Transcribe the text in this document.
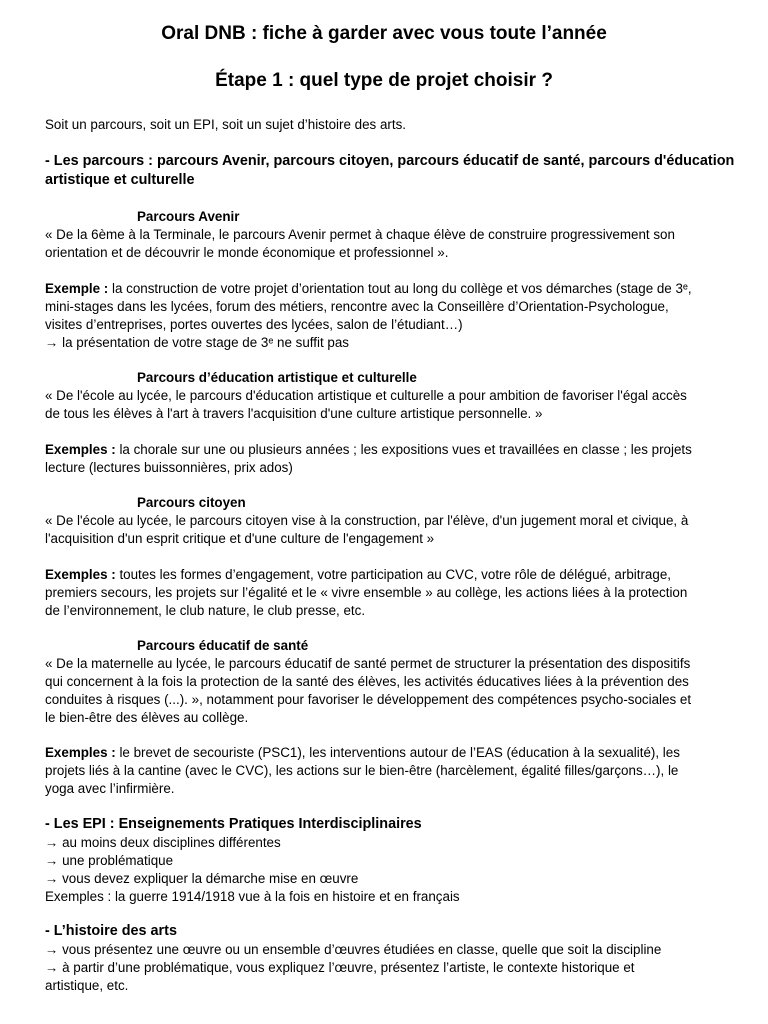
Oral DNB : fiche à garder avec vous toute l’année
Étape 1 : quel type de projet choisir ?
Soit un parcours, soit un EPI, soit un sujet d’histoire des arts.
- Les parcours : parcours Avenir, parcours citoyen, parcours éducatif de santé, parcours d'éducation
artistique et culturelle
Parcours Avenir
« De la 6ème à la Terminale, le parcours Avenir permet à chaque élève de construire progressivement son
orientation et de découvrir le monde économique et professionnel ».
Exemple : la construction de votre projet d’orientation tout au long du collège et vos démarches (stage de 3ᵉ,
mini-stages dans les lycées, forum des métiers, rencontre avec la Conseillère d’Orientation-Psychologue,
visites d’entreprises, portes ouvertes des lycées, salon de l’étudiant…)
→ la présentation de votre stage de 3ᵉ ne suffit pas
Parcours d’éducation artistique et culturelle
« De l'école au lycée, le parcours d'éducation artistique et culturelle a pour ambition de favoriser l'égal accès
de tous les élèves à l'art à travers l'acquisition d'une culture artistique personnelle. »
Exemples : la chorale sur une ou plusieurs années ; les expositions vues et travaillées en classe ; les projets
lecture (lectures buissonnières, prix ados)
Parcours citoyen
« De l'école au lycée, le parcours citoyen vise à la construction, par l'élève, d'un jugement moral et civique, à
l'acquisition d'un esprit critique et d'une culture de l'engagement »
Exemples : toutes les formes d’engagement, votre participation au CVC, votre rôle de délégué, arbitrage,
premiers secours, les projets sur l’égalité et le « vivre ensemble » au collège, les actions liées à la protection
de l’environnement, le club nature, le club presse, etc.
Parcours éducatif de santé
« De la maternelle au lycée, le parcours éducatif de santé permet de structurer la présentation des dispositifs
qui concernent à la fois la protection de la santé des élèves, les activités éducatives liées à la prévention des
conduites à risques (...). », notamment pour favoriser le développement des compétences psycho-sociales et
le bien-être des élèves au collège.
Exemples : le brevet de secouriste (PSC1), les interventions autour de l’EAS (éducation à la sexualité), les
projets liés à la cantine (avec le CVC), les actions sur le bien-être (harcèlement, égalité filles/garçons…), le
yoga avec l’infirmière.
- Les EPI : Enseignements Pratiques Interdisciplinaires
→ au moins deux disciplines différentes
→ une problématique
→ vous devez expliquer la démarche mise en œuvre
Exemples : la guerre 1914/1918 vue à la fois en histoire et en français
- L’histoire des arts
→ vous présentez une œuvre ou un ensemble d’œuvres étudiées en classe, quelle que soit la discipline
→ à partir d’une problématique, vous expliquez l’œuvre, présentez l’artiste, le contexte historique et
artistique, etc.
